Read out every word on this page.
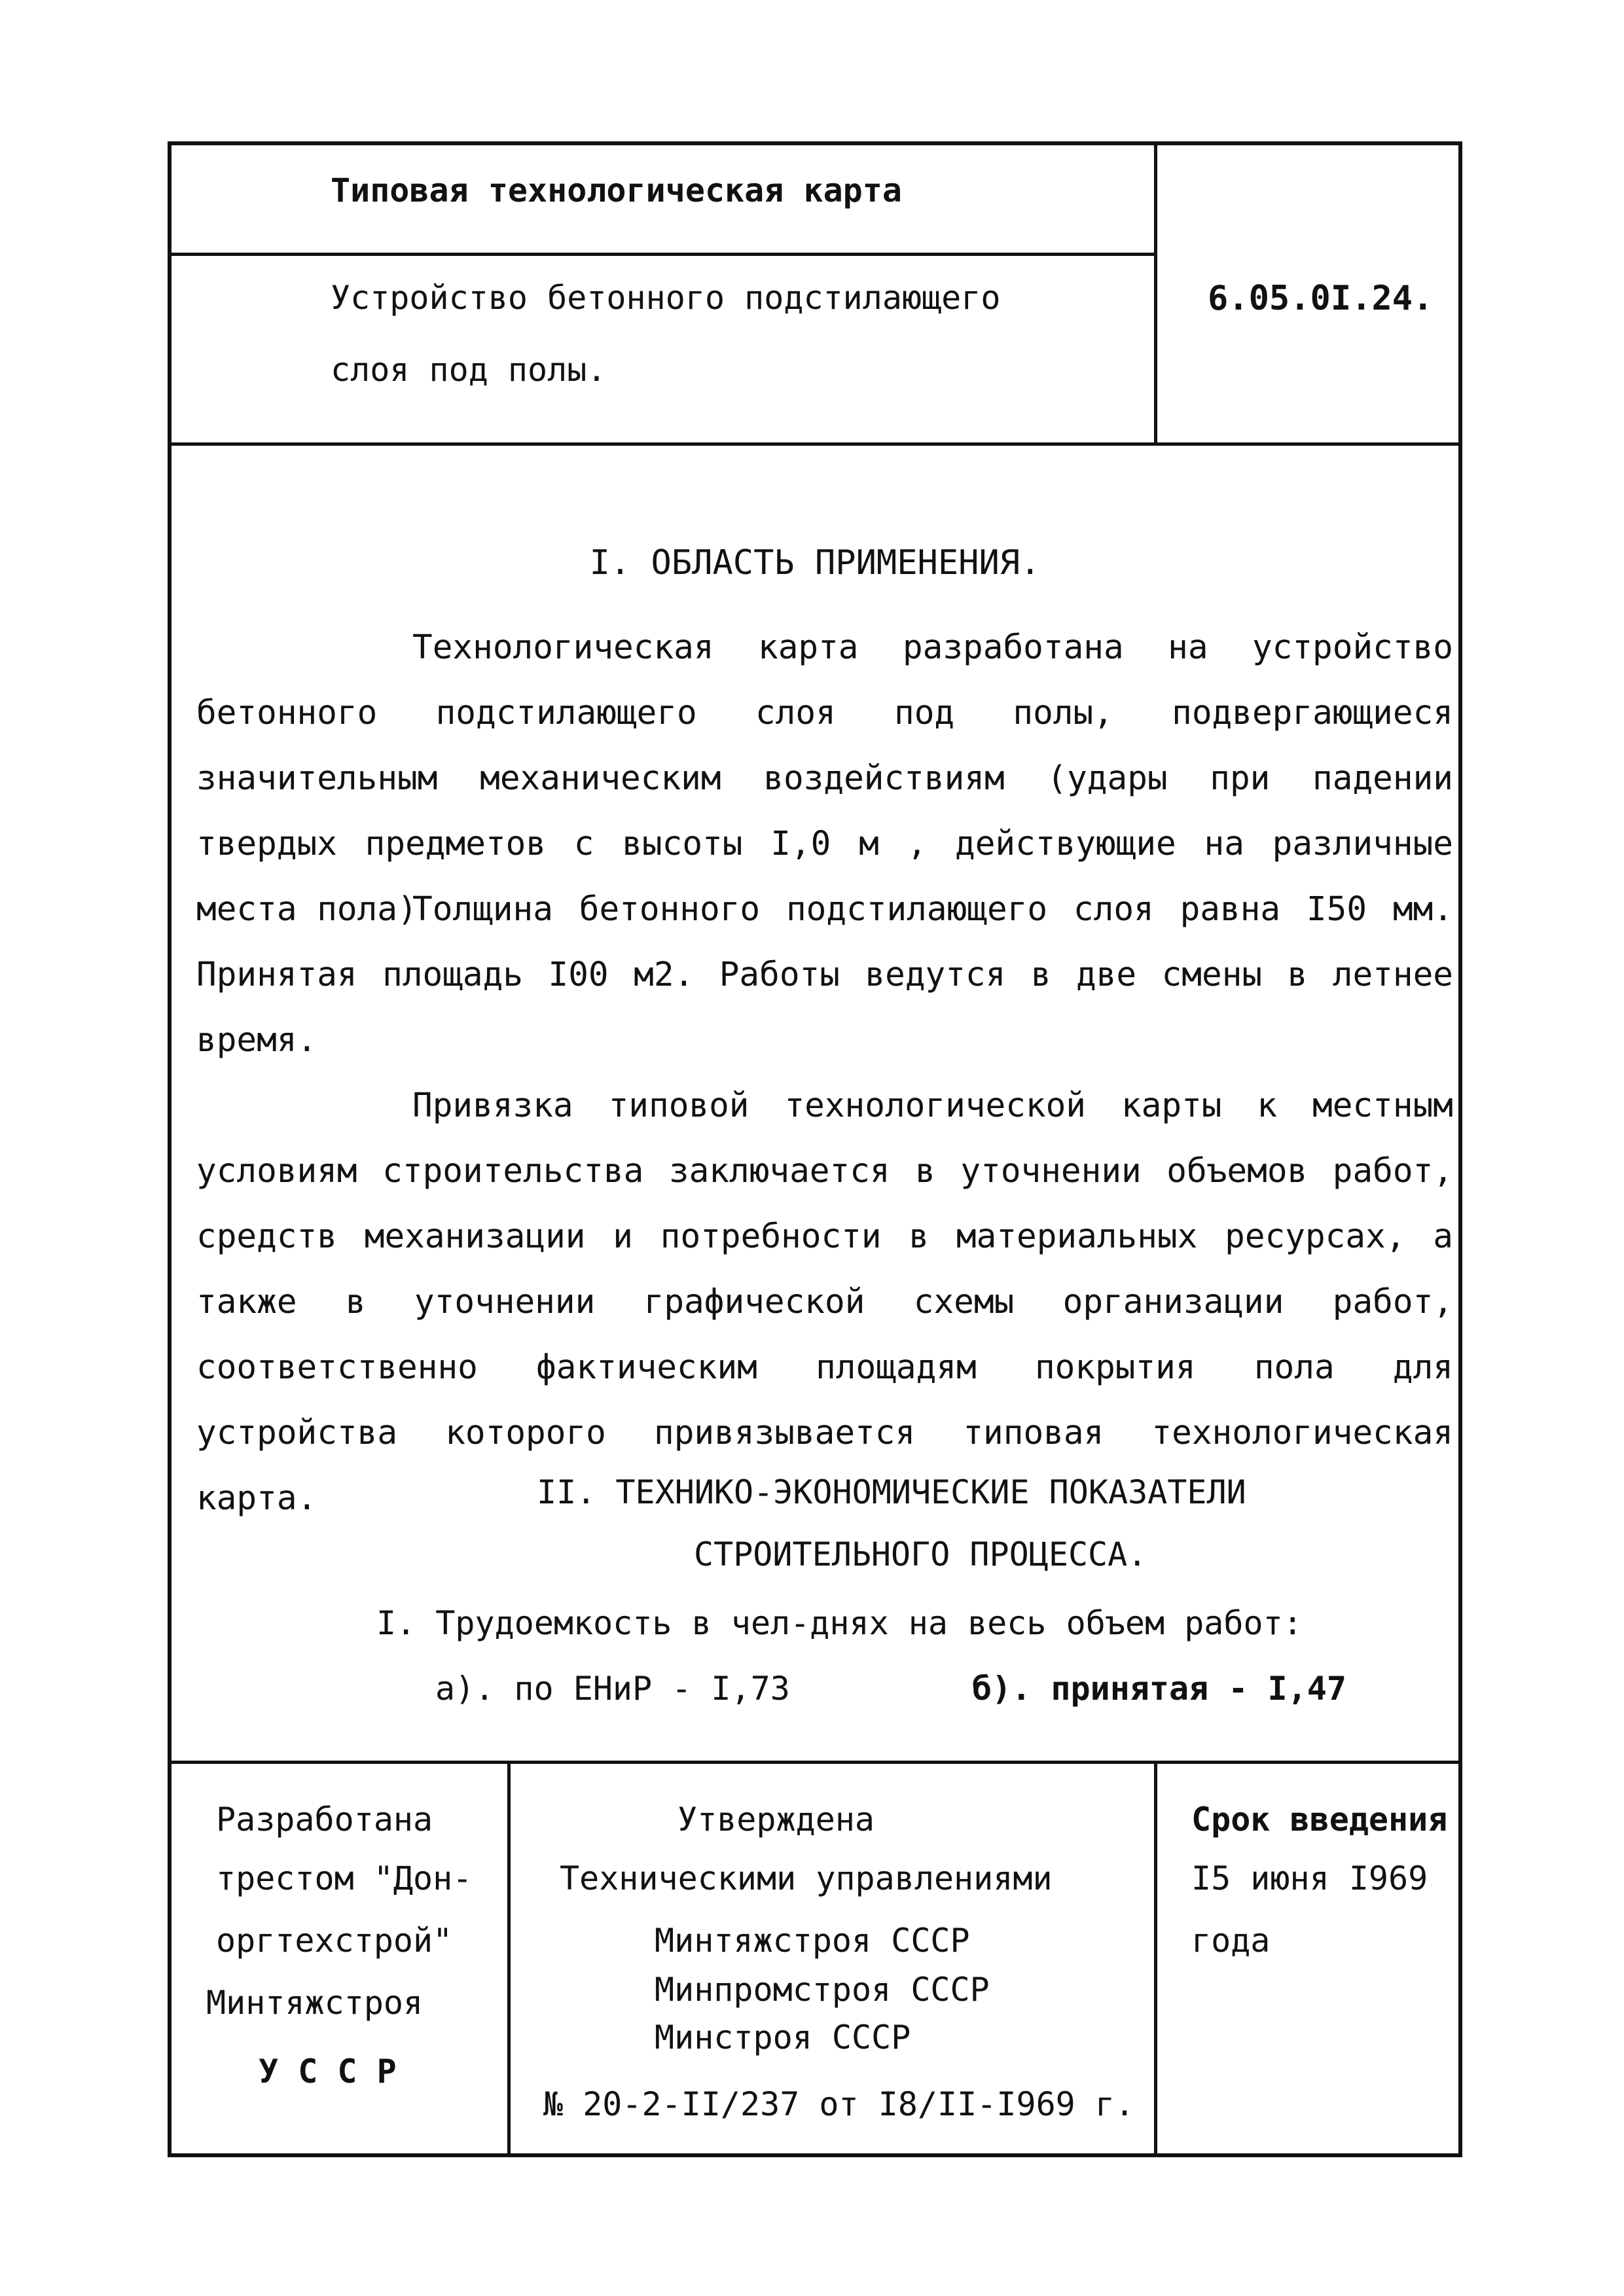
Типовая технологическая карта
Устройство бетонного подстилающего
слоя под полы.
6.05.0I.24.
I. ОБЛАСТЬ ПРИМЕНЕНИЯ.

Технологическая карта разработана на устройство бетонного подстилающего слоя под полы, подвергающиеся значительным механическим воздействиям (удары при падении твердых предметов с высоты I,0 м , действующие на различные места пола)

Толщина бетонного подстилающего слоя равна I50 мм. Принятая площадь I00 м2. Работы ведутся в две смены в летнее время.

Привязка типовой технологической карты к местным условиям строительства заключается в уточнении объемов работ, средств механизации и потребности в материальных ресурсах, а также в уточнении графической схемы организации работ, соответственно фактическим площадям покрытия пола для устройства которого привязывается типовая технологическая карта.	II. ТЕХНИКО-ЭКОНОМИЧЕСКИЕ ПОКАЗАТЕЛИ
СТРОИТЕЛЬНОГО ПРОЦЕССА.
I. Трудоемкость в чел-днях на весь объем работ:
а). по ЕНиР - I,73	б). принятая - I,47
Разработана
трестом "Дон-
оргтехстрой"
Минтяжстроя
У С С Р
Утверждена
Техническими управлениями
Минтяжстроя СССР
Минпромстроя СССР
Минстроя СССР
№ 20-2-II/237 от I8/II-I969 г.
Срок введения
I5 июня I969
года
